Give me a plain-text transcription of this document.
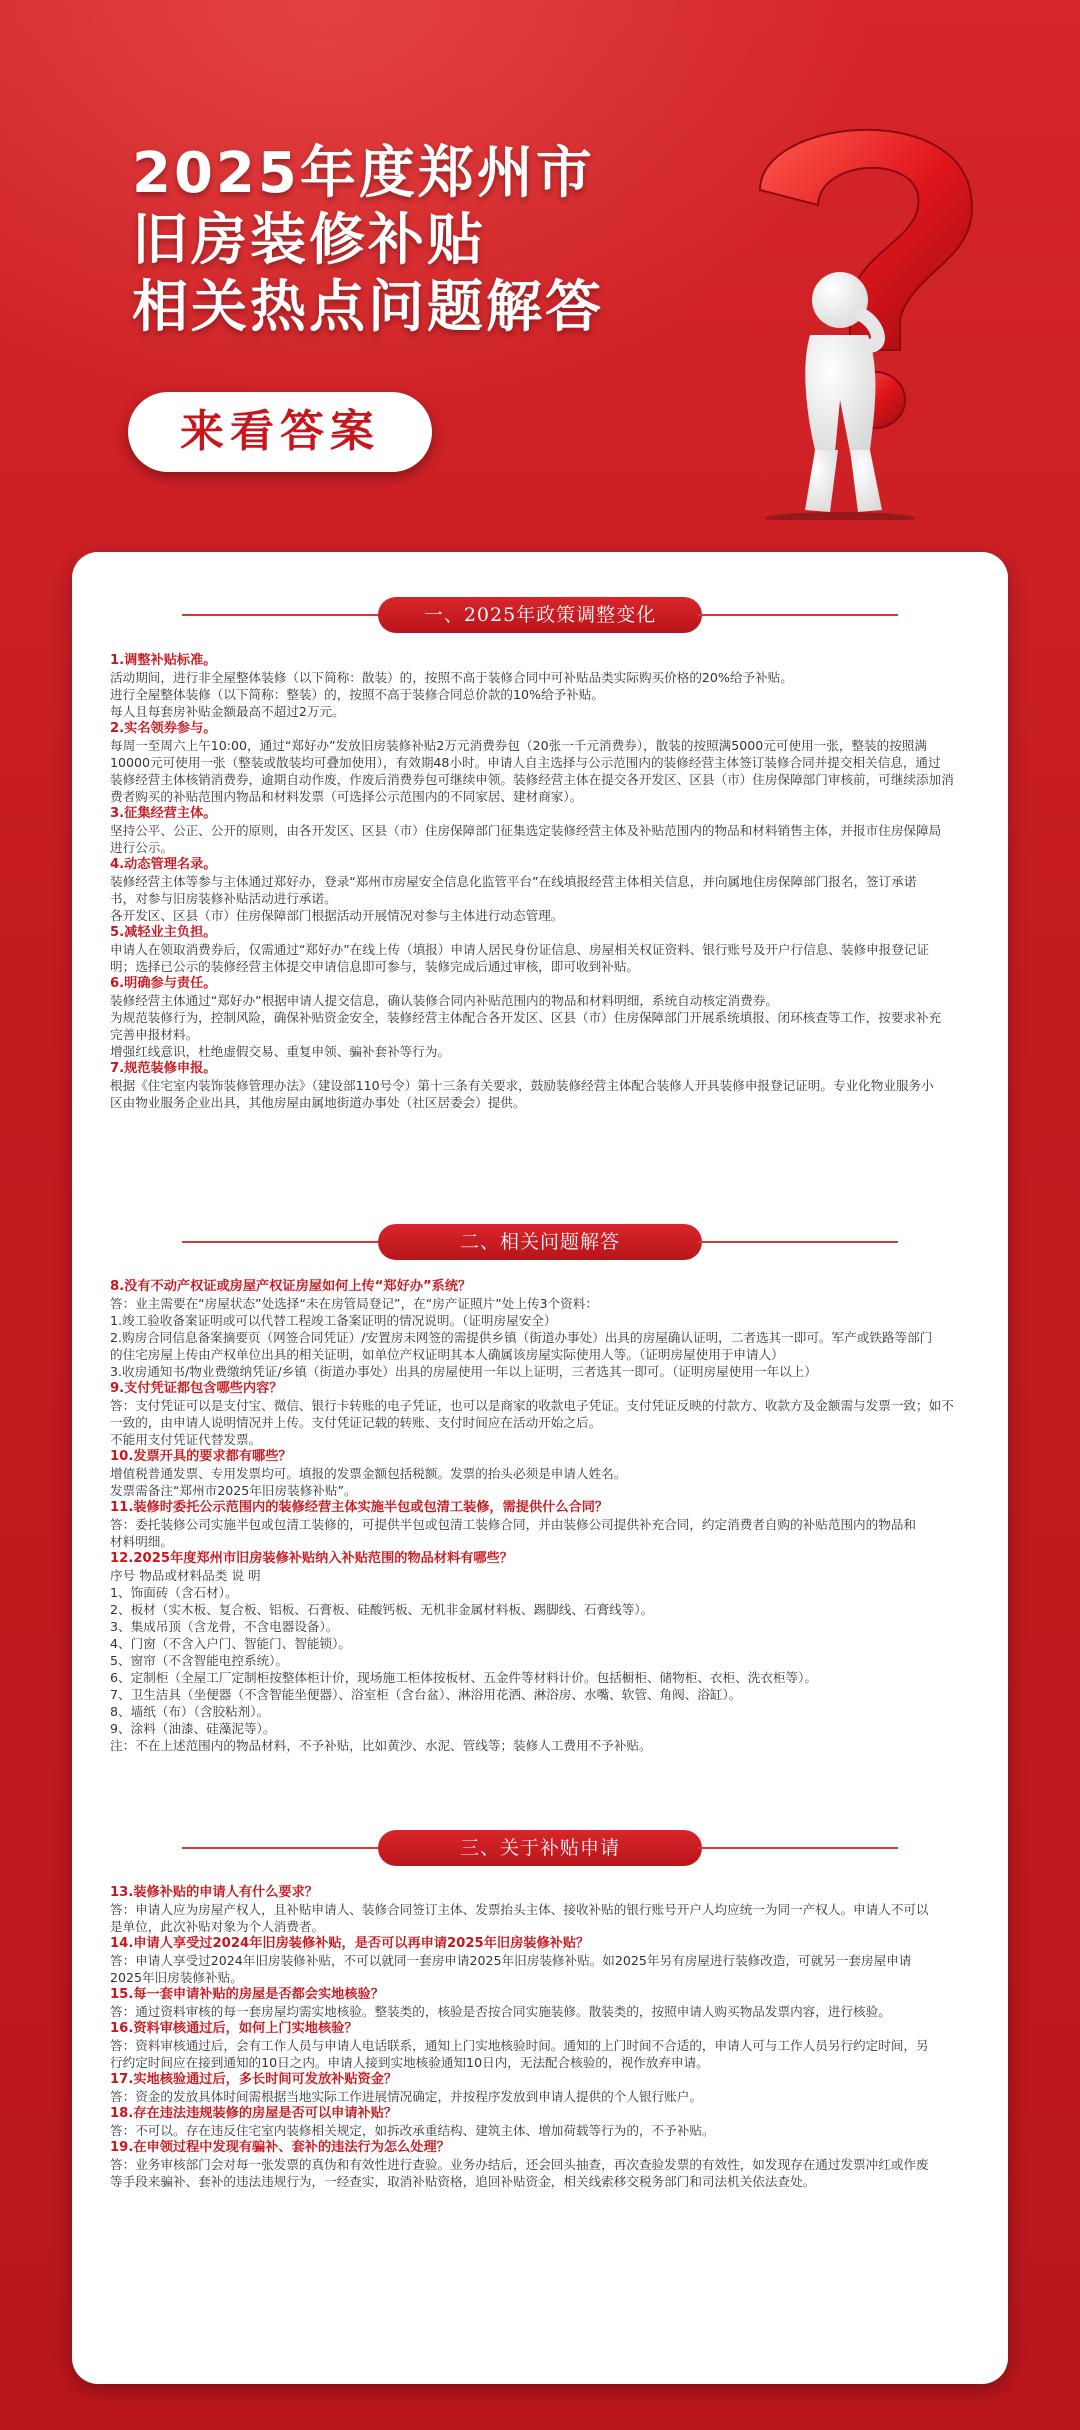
2025年度郑州市
旧房装修补贴
相关热点问题解答
来看答案
一、2025年政策调整变化

1.调整补贴标准。

活动期间，进行非全屋整体装修（以下简称：散装）的，按照不高于装修合同中可补贴品类实际购买价格的20%给予补贴。

进行全屋整体装修（以下简称：整装）的，按照不高于装修合同总价款的10%给予补贴。

每人且每套房补贴金额最高不超过2万元。

2.实名领券参与。

每周一至周六上午10:00，通过“郑好办”发放旧房装修补贴2万元消费券包（20张一千元消费券），散装的按照满5000元可使用一张，整装的按照满

10000元可使用一张（整装或散装均可叠加使用），有效期48小时。申请人自主选择与公示范围内的装修经营主体签订装修合同并提交相关信息，通过

装修经营主体核销消费券，逾期自动作废，作废后消费券包可继续申领。装修经营主体在提交各开发区、区县（市）住房保障部门审核前，可继续添加消

费者购买的补贴范围内物品和材料发票（可选择公示范围内的不同家居、建材商家）。

3.征集经营主体。

坚持公平、公正、公开的原则，由各开发区、区县（市）住房保障部门征集选定装修经营主体及补贴范围内的物品和材料销售主体，并报市住房保障局

进行公示。

4.动态管理名录。

装修经营主体等参与主体通过郑好办，登录“郑州市房屋安全信息化监管平台”在线填报经营主体相关信息，并向属地住房保障部门报名，签订承诺

书，对参与旧房装修补贴活动进行承诺。

各开发区、区县（市）住房保障部门根据活动开展情况对参与主体进行动态管理。

5.减轻业主负担。

申请人在领取消费券后，仅需通过“郑好办”在线上传（填报）申请人居民身份证信息、房屋相关权证资料、银行账号及开户行信息、装修申报登记证

明；选择已公示的装修经营主体提交申请信息即可参与，装修完成后通过审核，即可收到补贴。

6.明确参与责任。

装修经营主体通过“郑好办”根据申请人提交信息，确认装修合同内补贴范围内的物品和材料明细，系统自动核定消费券。

为规范装修行为，控制风险，确保补贴资金安全，装修经营主体配合各开发区、区县（市）住房保障部门开展系统填报、闭环核查等工作，按要求补充

完善申报材料。

增强红线意识，杜绝虚假交易、重复申领、骗补套补等行为。

7.规范装修申报。

根据《住宅室内装饰装修管理办法》（建设部110号令）第十三条有关要求，鼓励装修经营主体配合装修人开具装修申报登记证明。专业化物业服务小

区由物业服务企业出具，其他房屋由属地街道办事处（社区居委会）提供。

二、相关问题解答

8.没有不动产权证或房屋产权证房屋如何上传“郑好办”系统？

答：业主需要在“房屋状态”处选择“未在房管局登记”，在“房产证照片”处上传3个资料：

1.竣工验收备案证明或可以代替工程竣工备案证明的情况说明。（证明房屋安全）

2.购房合同信息备案摘要页（网签合同凭证）/安置房未网签的需提供乡镇（街道办事处）出具的房屋确认证明，二者选其一即可。军产或铁路等部门

的住宅房屋上传由产权单位出具的相关证明，如单位产权证明其本人确属该房屋实际使用人等。（证明房屋使用于申请人）

3.收房通知书/物业费缴纳凭证/乡镇（街道办事处）出具的房屋使用一年以上证明，三者选其一即可。（证明房屋使用一年以上）

9.支付凭证都包含哪些内容？

答：支付凭证可以是支付宝、微信、银行卡转账的电子凭证，也可以是商家的收款电子凭证。支付凭证反映的付款方、收款方及金额需与发票一致；如不

一致的，由申请人说明情况并上传。支付凭证记载的转账、支付时间应在活动开始之后。

不能用支付凭证代替发票。

10.发票开具的要求都有哪些？

增值税普通发票、专用发票均可。填报的发票金额包括税额。发票的抬头必须是申请人姓名。

发票需备注“郑州市2025年旧房装修补贴”。

11.装修时委托公示范围内的装修经营主体实施半包或包清工装修，需提供什么合同？

答：委托装修公司实施半包或包清工装修的，可提供半包或包清工装修合同，并由装修公司提供补充合同，约定消费者自购的补贴范围内的物品和

材料明细。

12.2025年度郑州市旧房装修补贴纳入补贴范围的物品材料有哪些？

序号 物品或材料品类 说 明

1、饰面砖（含石材）。

2、板材（实木板、复合板、铝板、石膏板、硅酸钙板、无机非金属材料板、踢脚线、石膏线等）。

3、集成吊顶（含龙骨，不含电器设备）。

4、门窗（不含入户门、智能门、智能锁）。

5、窗帘（不含智能电控系统）。

6、定制柜（全屋工厂定制柜按整体柜计价，现场施工柜体按板材、五金件等材料计价。包括橱柜、储物柜、衣柜、洗衣柜等）。

7、卫生洁具（坐便器（不含智能坐便器）、浴室柜（含台盆）、淋浴用花洒、淋浴房、水嘴、软管、角阀、浴缸）。

8、墙纸（布）（含胶粘剂）。

9、涂料（油漆、硅藻泥等）。

注：不在上述范围内的物品材料，不予补贴，比如黄沙、水泥、管线等；装修人工费用不予补贴。

三、关于补贴申请

13.装修补贴的申请人有什么要求？

答：申请人应为房屋产权人，且补贴申请人、装修合同签订主体、发票抬头主体、接收补贴的银行账号开户人均应统一为同一产权人。申请人不可以

是单位，此次补贴对象为个人消费者。

14.申请人享受过2024年旧房装修补贴，是否可以再申请2025年旧房装修补贴？

答：申请人享受过2024年旧房装修补贴，不可以就同一套房申请2025年旧房装修补贴。如2025年另有房屋进行装修改造，可就另一套房屋申请

2025年旧房装修补贴。

15.每一套申请补贴的房屋是否都会实地核验？

答：通过资料审核的每一套房屋均需实地核验。整装类的，核验是否按合同实施装修。散装类的，按照申请人购买物品发票内容，进行核验。

16.资料审核通过后，如何上门实地核验？

答：资料审核通过后，会有工作人员与申请人电话联系，通知上门实地核验时间。通知的上门时间不合适的，申请人可与工作人员另行约定时间，另

行约定时间应在接到通知的10日之内。申请人接到实地核验通知10日内，无法配合核验的，视作放弃申请。

17.实地核验通过后，多长时间可发放补贴资金？

答：资金的发放具体时间需根据当地实际工作进展情况确定，并按程序发放到申请人提供的个人银行账户。

18.存在违法违规装修的房屋是否可以申请补贴？

答：不可以。存在违反住宅室内装修相关规定，如拆改承重结构、建筑主体、增加荷载等行为的，不予补贴。

19.在申领过程中发现有骗补、套补的违法行为怎么处理？

答：业务审核部门会对每一张发票的真伪和有效性进行查验。业务办结后，还会回头抽查，再次查验发票的有效性，如发现存在通过发票冲红或作废

等手段来骗补、套补的违法违规行为，一经查实，取消补贴资格，追回补贴资金，相关线索移交税务部门和司法机关依法查处。
